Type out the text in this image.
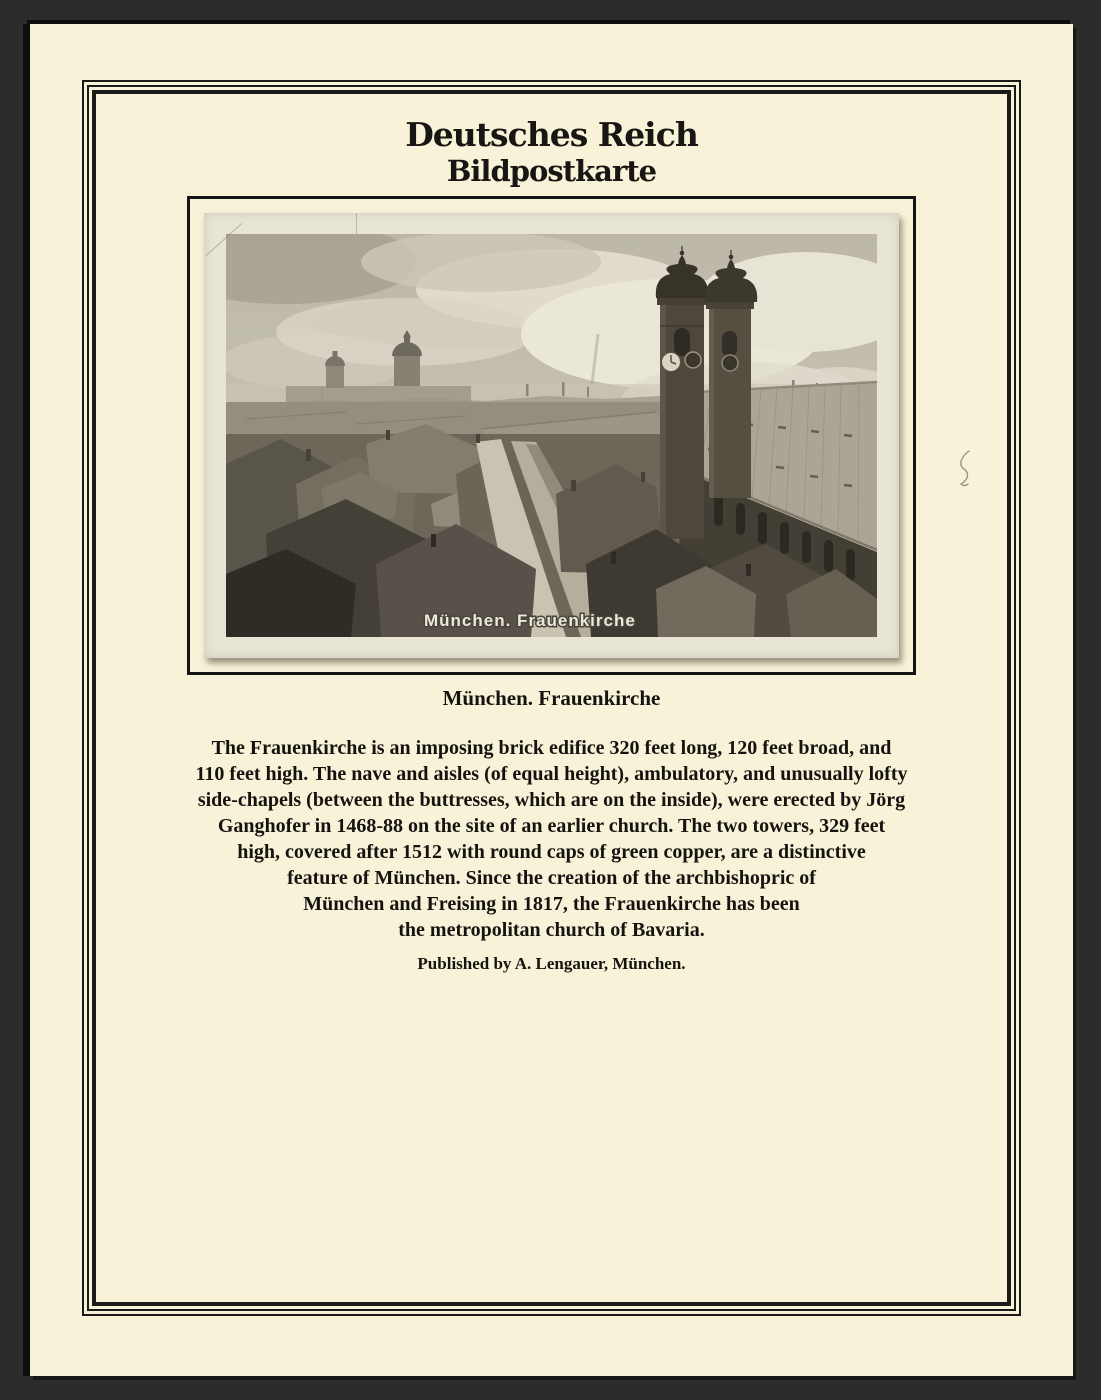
Deutsches Reich
Bildpostkarte
München. Frauenkirche
München. Frauenkirche
The Frauenkirche is an imposing brick edifice 320 feet long, 120 feet broad, and
110 feet high. The nave and aisles (of equal height), ambulatory, and unusually lofty
side-chapels (between the buttresses, which are on the inside), were erected by Jörg
Ganghofer in 1468-88 on the site of an earlier church. The two towers, 329 feet
high, covered after 1512 with round caps of green copper, are a distinctive
feature of München. Since the creation of the archbishopric of
München and Freising in 1817, the Frauenkirche has been
the metropolitan church of Bavaria.
Published by A. Lengauer, München.
